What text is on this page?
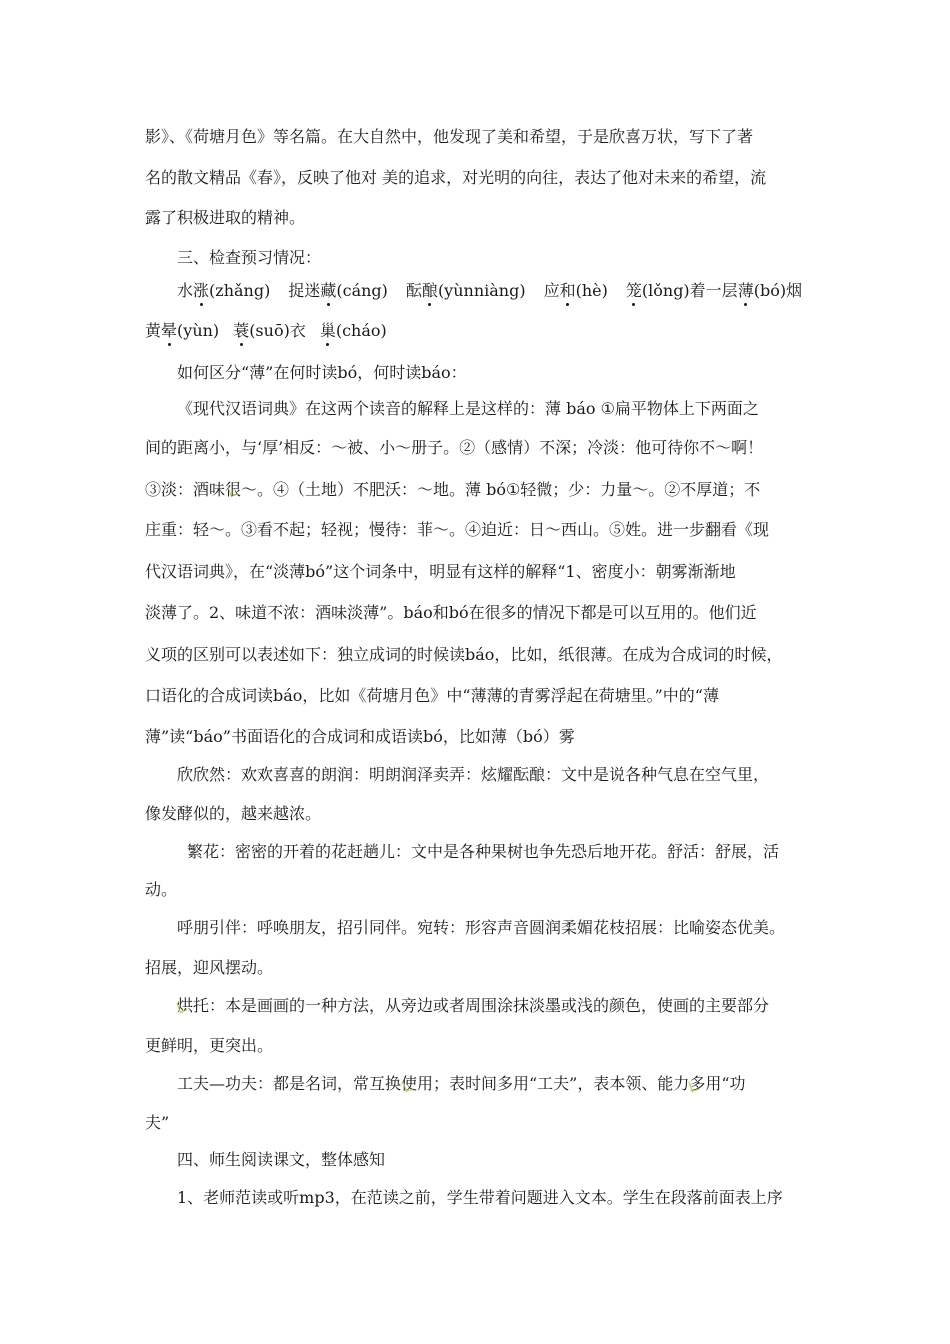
影》、《荷塘月色》等名篇。在大自然中，他发现了美和希望，于是欣喜万状，写下了著
名的散文精品《春》，反映了他对 美的追求，对光明的向往，表达了他对未来的希望，流
露了积极进取的精神。
三、检查预习情况：
水涨(zhǎng) 捉迷藏(cáng) 酝酿(yùnniàng) 应和(hè) 笼(lǒng)着一层薄(bó)烟
黄晕(yùn) 蓑(suō)衣 巢(cháo)
如何区分“薄”在何时读bó，何时读báo：
《现代汉语词典》在这两个读音的解释上是这样的：薄 báo ①扁平物体上下两面之
间的距离小，与‘厚’相反：～被、小～册子。②（感情）不深；冷淡：他可待你不～啊！
③淡：酒味很～。④（土地）不肥沃：～地。薄 bó①轻微；少：力量～。②不厚道；不
庄重：轻～。③看不起；轻视；慢待：菲～。④迫近：日～西山。⑤姓。进一步翻看《现
代汉语词典》，在“淡薄bó”这个词条中，明显有这样的解释“1、密度小：朝雾渐渐地
淡薄了。2、味道不浓：酒味淡薄”。báo和bó在很多的情况下都是可以互用的。他们近
义项的区别可以表述如下：独立成词的时候读báo，比如，纸很薄。在成为合成词的时候，
口语化的合成词读báo，比如《荷塘月色》中“薄薄的青雾浮起在荷塘里。”中的“薄
薄”读“báo”书面语化的合成词和成语读bó，比如薄（bó）雾
欣欣然：欢欢喜喜的朗润：明朗润泽卖弄：炫耀酝酿：文中是说各种气息在空气里，
像发酵似的，越来越浓。
繁花：密密的开着的花赶趟儿：文中是各种果树也争先恐后地开花。舒活：舒展，活
动。
呼朋引伴：呼唤朋友，招引同伴。宛转：形容声音圆润柔媚花枝招展：比喻姿态优美。
招展，迎风摆动。
烘托：本是画画的一种方法，从旁边或者周围涂抹淡墨或浅的颜色，使画的主要部分
更鲜明，更突出。
工夫—功夫：都是名词，常互换使用；表时间多用“工夫”，表本领、能力多用“功
夫”
四、师生阅读课文，整体感知
1、老师范读或听mp3，在范读之前，学生带着问题进入文本。学生在段落前面表上序
